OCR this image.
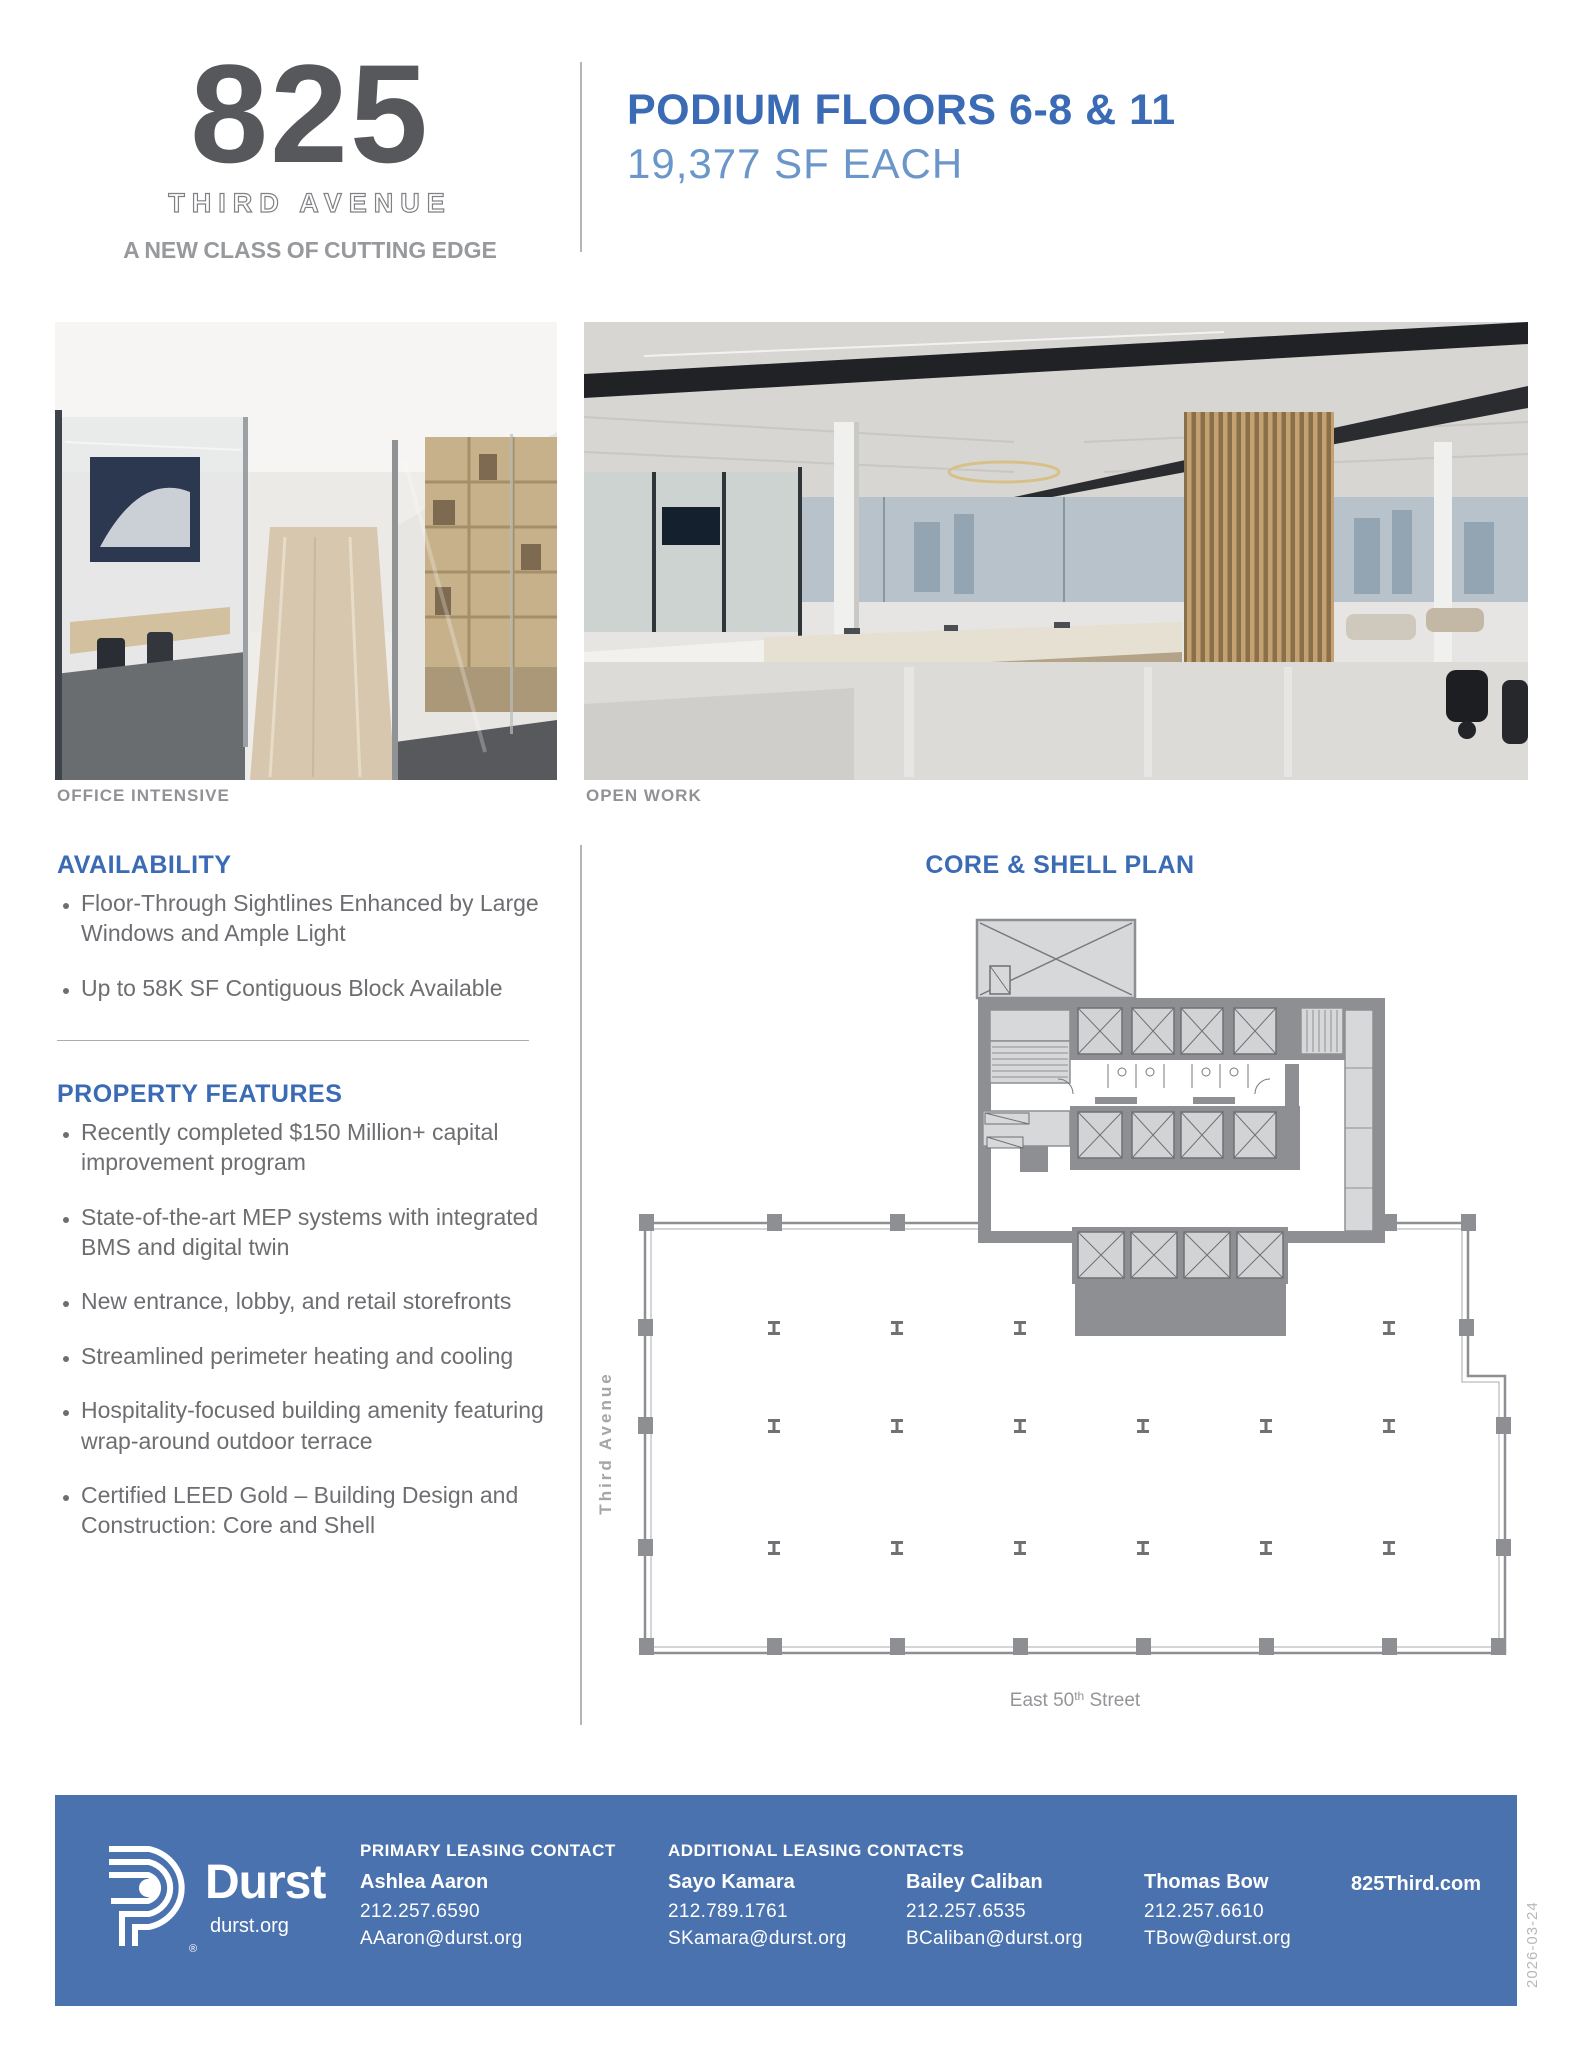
825
THIRD AVENUE
A NEW CLASS OF CUTTING EDGE
PODIUM FLOORS 6-8 & 11
19,377 SF EACH
OFFICE INTENSIVE	OPEN WORK
AVAILABILITY
• Floor-Through Sightlines Enhanced by Large Windows and Ample Light
• Up to 58K SF Contiguous Block Available
PROPERTY FEATURES
• Recently completed $150 Million+ capital improvement program
• State-of-the-art MEP systems with integrated BMS and digital twin
• New entrance, lobby, and retail storefronts
• Streamlined perimeter heating and cooling
• Hospitality-focused building amenity featuring wrap-around outdoor terrace
• Certified LEED Gold – Building Design and Construction: Core and Shell
CORE & SHELL PLAN
Third Avenue
East 50th Street
Durst
®
durst.org
PRIMARY LEASING CONTACT
Ashlea Aaron
212.257.6590
AAaron@durst.org
ADDITIONAL LEASING CONTACTS
Sayo Kamara
212.789.1761
SKamara@durst.org
Bailey Caliban
212.257.6535
BCaliban@durst.org
Thomas Bow
212.257.6610
TBow@durst.org
825Third.com
2026-03-24
